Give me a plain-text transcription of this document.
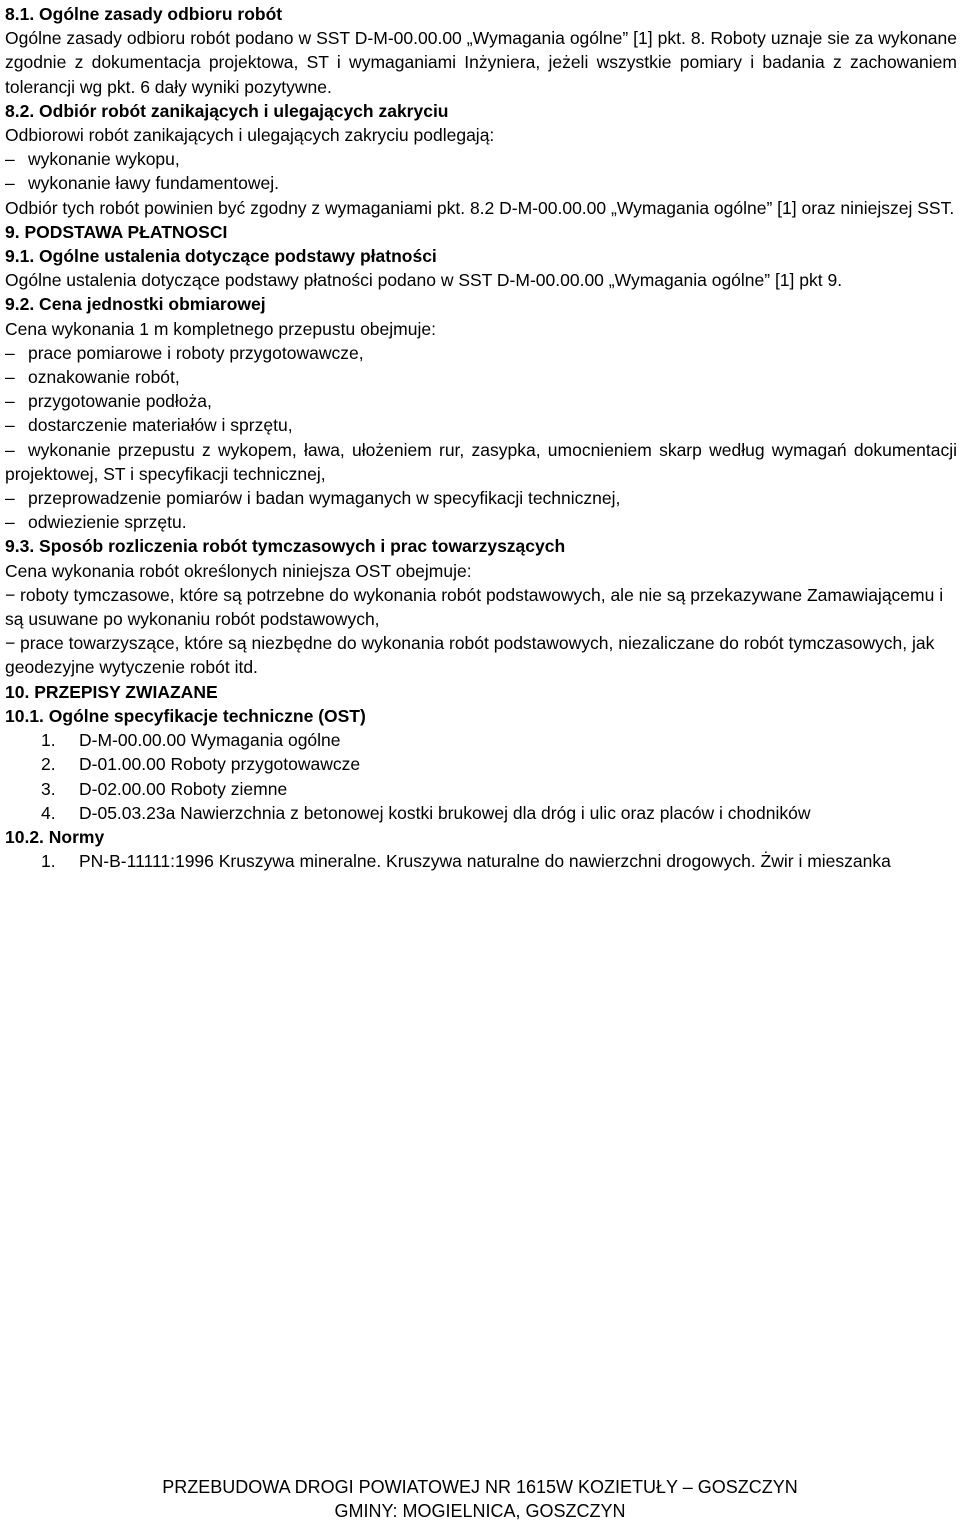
8.1. Ogólne zasady odbioru robót

Ogólne zasady odbioru robót podano w SST D-M-00.00.00 „Wymagania ogólne” [1] pkt. 8. Roboty uznaje sie za wykonane zgodnie z dokumentacja projektowa, ST i wymaganiami Inżyniera, jeżeli wszystkie pomiary i badania z zachowaniem tolerancji wg pkt. 6 dały wyniki pozytywne.

8.2. Odbiór robót zanikających i ulegających zakryciu

Odbiorowi robót zanikających i ulegających zakryciu podlegają:

– wykonanie wykopu,
– wykonanie ławy fundamentowej.

Odbiór tych robót powinien być zgodny z wymaganiami pkt. 8.2 D-M-00.00.00 „Wymagania ogólne” [1] oraz niniejszej SST.

9. PODSTAWA PŁATNOSCI

9.1. Ogólne ustalenia dotyczące podstawy płatności

Ogólne ustalenia dotyczące podstawy płatności podano w SST D-M-00.00.00 „Wymagania ogólne” [1] pkt 9.

9.2. Cena jednostki obmiarowej

Cena wykonania 1 m kompletnego przepustu obejmuje:

– prace pomiarowe i roboty przygotowawcze,
– oznakowanie robót,
– przygotowanie podłoża,
– dostarczenie materiałów i sprzętu,
– wykonanie przepustu z wykopem, ława, ułożeniem rur, zasypka, umocnieniem skarp według wymagań dokumentacji projektowej, ST i specyfikacji technicznej,
– przeprowadzenie pomiarów i badan wymaganych w specyfikacji technicznej,
– odwiezienie sprzętu.

9.3. Sposób rozliczenia robót tymczasowych i prac towarzyszących

Cena wykonania robót określonych niniejsza OST obejmuje:

− roboty tymczasowe, które są potrzebne do wykonania robót podstawowych, ale nie są przekazywane Zamawiającemu i są usuwane po wykonaniu robót podstawowych,
− prace towarzyszące, które są niezbędne do wykonania robót podstawowych, niezaliczane do robót tymczasowych, jak geodezyjne wytyczenie robót itd.

10. PRZEPISY ZWIAZANE

10.1. Ogólne specyfikacje techniczne (OST)

1. D-M-00.00.00 Wymagania ogólne
2. D-01.00.00 Roboty przygotowawcze
3. D-02.00.00 Roboty ziemne
4. D-05.03.23a Nawierzchnia z betonowej kostki brukowej dla dróg i ulic oraz placów i chodników

10.2. Normy

1. PN-B-11111:1996 Kruszywa mineralne. Kruszywa naturalne do nawierzchni drogowych. Żwir i mieszanka
PRZEBUDOWA DROGI POWIATOWEJ NR 1615W KOZIETUŁY – GOSZCZYN
GMINY: MOGIELNICA, GOSZCZYN
